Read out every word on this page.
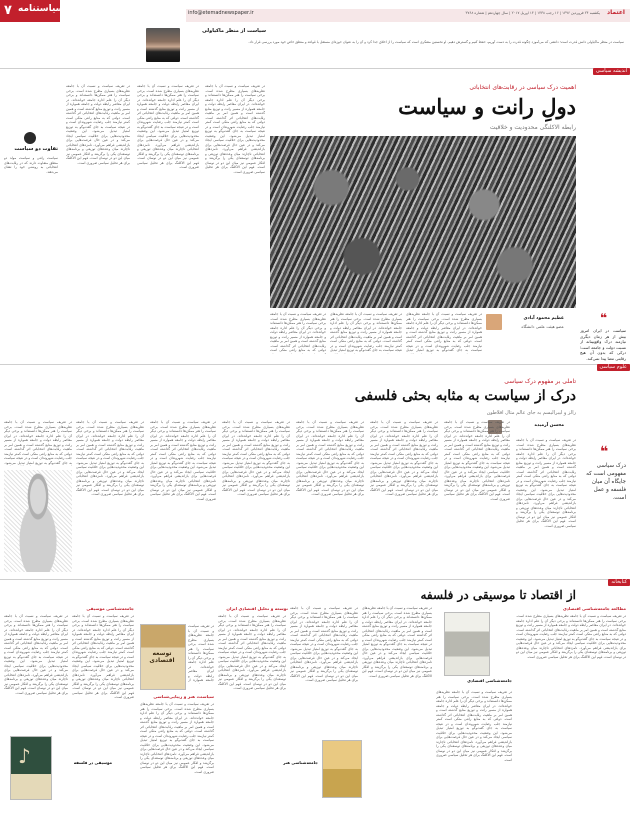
۷ سیاستنامه	info@etemadnewspaper.ir	یکشنبه ۲۴ فروردین ۱۳۹۶ | ۱۶ رجب ۱۴۳۸ | ۱۴ آوریل ۲۰۱۷ | سال چهاردهم | شماره ۳۷۶۸	اعتماد
سیاست از منظر ماکیاولی
سیاست در منظر ماکیاولی دانش قدرت است؛ دانشی که می‌آموزد چگونه قدرت را به دست آوریم، حفظ کنیم و گسترش دهیم. او نخستین متفکری است که سیاست را از اخلاق جدا کرد و آن را به عنوان حوزه‌ای مستقل با قواعد و منطق خاص خود مورد بررسی قرار داد.
اندیشه سیاسی
اهمیت درک سیاسی در رقابت‌های انتخاباتی
دولِ رانت و سیاست
رابطه الاکلنگی محدودیت و خلاقیت
در تعریف سیاست و نسبت آن با جامعه نظریه‌های بسیاری مطرح شده است. برخی سیاست را هنر ممکن‌ها دانسته‌اند و برخی دیگر آن را علم اداره جامعه خوانده‌اند. در ایران معاصر رابطه دولت و جامعه همواره از مسیر رانت و توزیع منابع گذشته است و همین امر بر ماهیت رقابت‌های انتخاباتی اثر گذاشته است. دولتی که به منابع رانتی متکی است کمتر نیازمند جلب رضایت شهروندان است و در نتیجه سیاست به جای گفت‌وگو به توزیع امتیاز تبدیل می‌شود. این وضعیت محدودیت‌هایی برای خلاقیت سیاسی ایجاد می‌کند و در عین حال فرصت‌هایی برای بازاندیشی فراهم می‌آورد. نامزدهای انتخاباتی ناچارند میان وعده‌های توزیعی و برنامه‌های توسعه‌ای یکی را برگزینند و افکار عمومی نیز میان این دو در نوسان است. فهم این الاکلنگ برای هر تحلیل سیاسی ضروری است.
در تعریف سیاست و نسبت آن با جامعه نظریه‌های بسیاری مطرح شده است. برخی سیاست را هنر ممکن‌ها دانسته‌اند و برخی دیگر آن را علم اداره جامعه خوانده‌اند. در ایران معاصر رابطه دولت و جامعه همواره از مسیر رانت و توزیع منابع گذشته است و همین امر بر ماهیت رقابت‌های انتخاباتی اثر گذاشته است. دولتی که به منابع رانتی متکی است کمتر نیازمند جلب رضایت شهروندان است و در نتیجه سیاست به جای گفت‌وگو به توزیع امتیاز تبدیل می‌شود. این وضعیت محدودیت‌هایی برای خلاقیت سیاسی ایجاد می‌کند و در عین حال فرصت‌هایی برای بازاندیشی فراهم می‌آورد. نامزدهای انتخاباتی ناچارند میان وعده‌های توزیعی و برنامه‌های توسعه‌ای یکی را برگزینند و افکار عمومی نیز میان این دو در نوسان است. فهم این الاکلنگ برای هر تحلیل سیاسی ضروری است.
در تعریف سیاست و نسبت آن با جامعه نظریه‌های بسیاری مطرح شده است. برخی سیاست را هنر ممکن‌ها دانسته‌اند و برخی دیگر آن را علم اداره جامعه خوانده‌اند. در ایران معاصر رابطه دولت و جامعه همواره از مسیر رانت و توزیع منابع گذشته است و همین امر بر ماهیت رقابت‌های انتخاباتی اثر گذاشته است. دولتی که به منابع رانتی متکی است کمتر نیازمند جلب رضایت شهروندان است و در نتیجه سیاست به جای گفت‌وگو به توزیع امتیاز تبدیل می‌شود. این وضعیت محدودیت‌هایی برای خلاقیت سیاسی ایجاد می‌کند و در عین حال فرصت‌هایی برای بازاندیشی فراهم می‌آورد. نامزدهای انتخاباتی ناچارند میان وعده‌های توزیعی و برنامه‌های توسعه‌ای یکی را برگزینند و افکار عمومی نیز میان این دو در نوسان است. فهم این الاکلنگ برای هر تحلیل سیاسی ضروری است.
تفاوت دو سیاست
سیاست رانتی و سیاست مولد دو منطق متفاوت دارند که در رقابت‌های انتخاباتی به روشنی خود را نشان می‌دهند.
عظیم محمود آبادی
عضو هیئت علمی دانشگاه
در تعریف سیاست و نسبت آن با جامعه نظریه‌های بسیاری مطرح شده است. برخی سیاست را هنر ممکن‌ها دانسته‌اند و برخی دیگر آن را علم اداره جامعه خوانده‌اند. در ایران معاصر رابطه دولت و جامعه همواره از مسیر رانت و توزیع منابع گذشته است و همین امر بر ماهیت رقابت‌های انتخاباتی اثر گذاشته است. دولتی که به منابع رانتی متکی است کمتر نیازمند جلب رضایت شهروندان است و در نتیجه سیاست به جای گفت‌وگو به توزیع امتیاز تبدیل
در تعریف سیاست و نسبت آن با جامعه نظریه‌های بسیاری مطرح شده است. برخی سیاست را هنر ممکن‌ها دانسته‌اند و برخی دیگر آن را علم اداره جامعه خوانده‌اند. در ایران معاصر رابطه دولت و جامعه همواره از مسیر رانت و توزیع منابع گذشته است و همین امر بر ماهیت رقابت‌های انتخاباتی اثر گذاشته است. دولتی که به منابع رانتی متکی است کمتر نیازمند جلب رضایت شهروندان است و در نتیجه سیاست به جای گفت‌وگو به توزیع امتیاز تبدیل
در تعریف سیاست و نسبت آن با جامعه نظریه‌های بسیاری مطرح شده است. برخی سیاست را هنر ممکن‌ها دانسته‌اند و برخی دیگر آن را علم اداره جامعه خوانده‌اند. در ایران معاصر رابطه دولت و جامعه همواره از مسیر رانت و توزیع منابع گذشته است و همین امر بر ماهیت رقابت‌های انتخاباتی اثر گذاشته است. دولتی که به منابع رانتی متکی است
❝
سیاست در ایران امروز بیش از هر زمان دیگری نیازمند درک واقع‌بینانه از نسبت دولت و جامعه است؛ درکی که بدون آن هیچ رقابتی معنا پیدا نمی‌کند.
علوم سیاسی
تاملی بر مفهوم درک سیاسی
درک از سیاست به مثابه بحثی فلسفی
رالز و لیبرالیسم به جای عالم مثال افلاطون
محسن آرمیده
❝
درک سیاسی مفهومی است که جایگاه آن میان فلسفه و عمل است.
در تعریف سیاست و نسبت آن با جامعه نظریه‌های بسیاری مطرح شده است. برخی سیاست را هنر ممکن‌ها دانسته‌اند و برخی دیگر آن را علم اداره جامعه خوانده‌اند. در ایران معاصر رابطه دولت و جامعه همواره از مسیر رانت و توزیع منابع گذشته است و همین امر بر ماهیت رقابت‌های انتخاباتی اثر گذاشته است. دولتی که به منابع رانتی متکی است کمتر نیازمند جلب رضایت شهروندان است و در نتیجه سیاست به جای گفت‌وگو به توزیع امتیاز تبدیل می‌شود. این وضعیت محدودیت‌هایی برای خلاقیت سیاسی ایجاد می‌کند و در عین حال فرصت‌هایی برای بازاندیشی فراهم می‌آورد. نامزدهای انتخاباتی ناچارند میان وعده‌های توزیعی و برنامه‌های توسعه‌ای یکی را برگزینند و افکار عمومی نیز میان این دو در نوسان است. فهم این الاکلنگ برای هر تحلیل سیاسی ضروری است.
در تعریف سیاست و نسبت آن با جامعه نظریه‌های بسیاری مطرح شده است. برخی سیاست را هنر ممکن‌ها دانسته‌اند و برخی دیگر آن را علم اداره جامعه خوانده‌اند. در ایران معاصر رابطه دولت و جامعه همواره از مسیر رانت و توزیع منابع گذشته است و همین امر بر ماهیت رقابت‌های انتخاباتی اثر گذاشته است. دولتی که به منابع رانتی متکی است کمتر نیازمند جلب رضایت شهروندان است و در نتیجه سیاست به جای گفت‌وگو به توزیع امتیاز تبدیل می‌شود. این وضعیت محدودیت‌هایی برای خلاقیت سیاسی ایجاد می‌کند و در عین حال فرصت‌هایی برای بازاندیشی فراهم می‌آورد. نامزدهای انتخاباتی ناچارند میان وعده‌های توزیعی و برنامه‌های توسعه‌ای یکی را برگزینند و افکار عمومی نیز میان این دو در نوسان است. فهم این الاکلنگ برای هر تحلیل سیاسی ضروری است.
در تعریف سیاست و نسبت آن با جامعه نظریه‌های بسیاری مطرح شده است. برخی سیاست را هنر ممکن‌ها دانسته‌اند و برخی دیگر آن را علم اداره جامعه خوانده‌اند. در ایران معاصر رابطه دولت و جامعه همواره از مسیر رانت و توزیع منابع گذشته است و همین امر بر ماهیت رقابت‌های انتخاباتی اثر گذاشته است. دولتی که به منابع رانتی متکی است کمتر نیازمند جلب رضایت شهروندان است و در نتیجه سیاست به جای گفت‌وگو به توزیع امتیاز تبدیل می‌شود. این وضعیت محدودیت‌هایی برای خلاقیت سیاسی ایجاد می‌کند و در عین حال فرصت‌هایی برای بازاندیشی فراهم می‌آورد. نامزدهای انتخاباتی ناچارند میان وعده‌های توزیعی و برنامه‌های توسعه‌ای یکی را برگزینند و افکار عمومی نیز میان این دو در نوسان است. فهم این الاکلنگ برای هر تحلیل سیاسی ضروری است.
در تعریف سیاست و نسبت آن با جامعه نظریه‌های بسیاری مطرح شده است. برخی سیاست را هنر ممکن‌ها دانسته‌اند و برخی دیگر آن را علم اداره جامعه خوانده‌اند. در ایران معاصر رابطه دولت و جامعه همواره از مسیر رانت و توزیع منابع گذشته است و همین امر بر ماهیت رقابت‌های انتخاباتی اثر گذاشته است. دولتی که به منابع رانتی متکی است کمتر نیازمند جلب رضایت شهروندان است و در نتیجه سیاست به جای گفت‌وگو به توزیع امتیاز تبدیل می‌شود. این وضعیت محدودیت‌هایی برای خلاقیت سیاسی ایجاد می‌کند و در عین حال فرصت‌هایی برای بازاندیشی فراهم می‌آورد. نامزدهای انتخاباتی ناچارند میان وعده‌های توزیعی و برنامه‌های توسعه‌ای یکی را برگزینند و افکار عمومی نیز میان این دو در نوسان است. فهم این الاکلنگ برای هر تحلیل سیاسی ضروری است.
در تعریف سیاست و نسبت آن با جامعه نظریه‌های بسیاری مطرح شده است. برخی سیاست را هنر ممکن‌ها دانسته‌اند و برخی دیگر آن را علم اداره جامعه خوانده‌اند. در ایران معاصر رابطه دولت و جامعه همواره از مسیر رانت و توزیع منابع گذشته است و همین امر بر ماهیت رقابت‌های انتخاباتی اثر گذاشته است. دولتی که به منابع رانتی متکی است کمتر نیازمند جلب رضایت شهروندان است و در نتیجه سیاست به جای گفت‌وگو به توزیع امتیاز تبدیل می‌شود. این وضعیت محدودیت‌هایی برای خلاقیت سیاسی ایجاد می‌کند و در عین حال فرصت‌هایی برای بازاندیشی فراهم می‌آورد. نامزدهای انتخاباتی ناچارند میان وعده‌های توزیعی و برنامه‌های توسعه‌ای یکی را برگزینند و افکار عمومی نیز میان این دو در نوسان است. فهم این الاکلنگ برای هر تحلیل سیاسی ضروری است.
در تعریف سیاست و نسبت آن با جامعه نظریه‌های بسیاری مطرح شده است. برخی سیاست را هنر ممکن‌ها دانسته‌اند و برخی دیگر آن را علم اداره جامعه خوانده‌اند. در ایران معاصر رابطه دولت و جامعه همواره از مسیر رانت و توزیع منابع گذشته است و همین امر بر ماهیت رقابت‌های انتخاباتی اثر گذاشته است. دولتی که به منابع رانتی متکی است کمتر نیازمند جلب رضایت شهروندان است و در نتیجه سیاست به جای گفت‌وگو به توزیع امتیاز تبدیل می‌شود. این وضعیت محدودیت‌هایی برای خلاقیت سیاسی ایجاد می‌کند و در عین حال فرصت‌هایی برای بازاندیشی فراهم می‌آورد. نامزدهای انتخاباتی ناچارند میان وعده‌های توزیعی و برنامه‌های توسعه‌ای یکی را برگزینند و افکار عمومی نیز میان این دو در نوسان است. فهم این الاکلنگ برای هر تحلیل سیاسی ضروری است.
در تعریف سیاست و نسبت آن با جامعه نظریه‌های بسیاری مطرح شده است. برخی سیاست را هنر ممکن‌ها دانسته‌اند و برخی دیگر آن را علم اداره جامعه خوانده‌اند. در ایران معاصر رابطه دولت و جامعه همواره از مسیر رانت و توزیع منابع گذشته است و همین امر بر ماهیت رقابت‌های انتخاباتی اثر گذاشته است. دولتی که به منابع رانتی متکی است کمتر نیازمند جلب رضایت شهروندان است و در نتیجه سیاست به جای گفت‌وگو به توزیع امتیاز تبدیل می‌شود. این وضعیت محدودیت‌هایی برای خلاقیت سیاسی ایجاد می‌کند و در عین حال فرصت‌هایی برای بازاندیشی فراهم می‌آورد. نامزدهای انتخاباتی ناچارند میان وعده‌های توزیعی و برنامه‌های توسعه‌ای یکی را برگزینند و افکار عمومی نیز میان این دو در نوسان است. فهم این الاکلنگ برای هر تحلیل سیاسی ضروری است.
در تعریف سیاست و نسبت آن با جامعه نظریه‌های بسیاری مطرح شده است. برخی سیاست را هنر ممکن‌ها دانسته‌اند و برخی دیگر آن را علم اداره جامعه خوانده‌اند. در ایران معاصر رابطه دولت و جامعه همواره از مسیر رانت و توزیع منابع گذشته است و همین امر بر ماهیت رقابت‌های انتخاباتی اثر گذاشته است. دولتی که به منابع رانتی متکی است کمتر نیازمند جلب رضایت شهروندان است و در نتیجه سیاست به جای گفت‌وگو به توزیع امتیاز تبدیل می‌شود.
کتابخانه
از اقتصاد تا موسیقی در فلسفه
مطالعه جامعه‌شناسی اقتصادی
در تعریف سیاست و نسبت آن با جامعه نظریه‌های بسیاری مطرح شده است. برخی سیاست را هنر ممکن‌ها دانسته‌اند و برخی دیگر آن را علم اداره جامعه خوانده‌اند. در ایران معاصر رابطه دولت و جامعه همواره از مسیر رانت و توزیع منابع گذشته است و همین امر بر ماهیت رقابت‌های انتخاباتی اثر گذاشته است. دولتی که به منابع رانتی متکی است کمتر نیازمند جلب رضایت شهروندان است و در نتیجه سیاست به جای گفت‌وگو به توزیع امتیاز تبدیل می‌شود. این وضعیت محدودیت‌هایی برای خلاقیت سیاسی ایجاد می‌کند و در عین حال فرصت‌هایی برای بازاندیشی فراهم می‌آورد. نامزدهای انتخاباتی ناچارند میان وعده‌های توزیعی و برنامه‌های توسعه‌ای یکی را برگزینند و افکار عمومی نیز میان این دو در نوسان است. فهم این الاکلنگ برای هر تحلیل سیاسی ضروری است.
جامعه‌شناسی اقتصادی
در تعریف سیاست و نسبت آن با جامعه نظریه‌های بسیاری مطرح شده است. برخی سیاست را هنر ممکن‌ها دانسته‌اند و برخی دیگر آن را علم اداره جامعه خوانده‌اند. در ایران معاصر رابطه دولت و جامعه همواره از مسیر رانت و توزیع منابع گذشته است و همین امر بر ماهیت رقابت‌های انتخاباتی اثر گذاشته است. دولتی که به منابع رانتی متکی است کمتر نیازمند جلب رضایت شهروندان است و در نتیجه سیاست به جای گفت‌وگو به توزیع امتیاز تبدیل می‌شود. این وضعیت محدودیت‌هایی برای خلاقیت سیاسی ایجاد می‌کند و در عین حال فرصت‌هایی برای بازاندیشی فراهم می‌آورد. نامزدهای انتخاباتی ناچارند میان وعده‌های توزیعی و برنامه‌های توسعه‌ای یکی را برگزینند و افکار عمومی نیز میان این دو در نوسان است. فهم این الاکلنگ برای هر تحلیل سیاسی ضروری است.
در تعریف سیاست و نسبت آن با جامعه نظریه‌های بسیاری مطرح شده است. برخی سیاست را هنر ممکن‌ها دانسته‌اند و برخی دیگر آن را علم اداره جامعه خوانده‌اند. در ایران معاصر رابطه دولت و جامعه همواره از مسیر رانت و توزیع منابع گذشته است و همین امر بر ماهیت رقابت‌های انتخاباتی اثر گذاشته است. دولتی که به منابع رانتی متکی است کمتر نیازمند جلب رضایت شهروندان است و در نتیجه سیاست به جای گفت‌وگو به توزیع امتیاز تبدیل می‌شود. این وضعیت محدودیت‌هایی برای خلاقیت سیاسی ایجاد می‌کند و در عین حال فرصت‌هایی برای بازاندیشی فراهم می‌آورد. نامزدهای انتخاباتی ناچارند میان وعده‌های توزیعی و برنامه‌های توسعه‌ای یکی را برگزینند و افکار عمومی نیز میان این دو در نوسان است. فهم این الاکلنگ برای هر تحلیل سیاسی ضروری است.
توسعه و تحلیل اقتصادی ایران
توسعه اقتصادی
در تعریف سیاست و نسبت آن با جامعه نظریه‌های بسیاری مطرح شده است. برخی سیاست را هنر ممکن‌ها دانسته‌اند و برخی دیگر آن را علم اداره جامعه خوانده‌اند. در ایران معاصر رابطه دولت و جامعه همواره از مسیر رانت و توزیع منابع گذشته است و همین امر بر ماهیت رقابت‌های انتخاباتی اثر گذاشته است. دولتی که به منابع رانتی متکی است کمتر نیازمند جلب رضایت شهروندان است و در نتیجه سیاست به جای گفت‌وگو به توزیع امتیاز تبدیل می‌شود. این وضعیت محدودیت‌هایی برای خلاقیت سیاسی ایجاد می‌کند و در عین حال فرصت‌هایی برای بازاندیشی فراهم می‌آورد. نامزدهای انتخاباتی ناچارند میان وعده‌های توزیعی و برنامه‌های توسعه‌ای یکی را برگزینند و افکار عمومی نیز میان این دو در نوسان است. فهم این الاکلنگ برای هر تحلیل سیاسی ضروری است.
در تعریف سیاست و نسبت آن با جامعه نظریه‌های بسیاری مطرح شده است. برخی سیاست را هنر ممکن‌ها دانسته‌اند و برخی دیگر آن را علم اداره جامعه خوانده‌اند. در ایران معاصر رابطه دولت و جامعه همواره از مسیر رانت و توزیع منابع گذشته است و همین امر بر ماهیت رقابت‌های انتخاباتی اثر گذاشته است. دولتی که به منابع رانتی متکی است کمتر نیازمند جلب رضایت شهروندان است و در نتیجه سیاست به جای گفت‌وگو به توزیع امتیاز تبدیل می‌شود. این وضعیت محدودیت‌هایی برای خلاقیت سیاسی ایجاد می‌کند و در عین حال فرصت‌هایی برای بازاندیشی فراهم می‌آورد. نامزدهای انتخاباتی ناچارند میان وعده‌های توزیعی و برنامه‌های توسعه‌ای یکی را برگزینند و افکار عمومی نیز میان این دو در نوسان است. فهم این الاکلنگ برای هر تحلیل سیاسی ضروری است.
در تعریف سیاست و نسبت آن با جامعه نظریه‌های بسیاری مطرح شده است. برخی سیاست را هنر ممکن‌ها دانسته‌اند و برخی دیگر آن را علم اداره جامعه خوانده‌اند. در ایران معاصر رابطه دولت و جامعه همواره از
سیاست، هنر و زیبایی‌شناسی
در تعریف سیاست و نسبت آن با جامعه نظریه‌های بسیاری مطرح شده است. برخی سیاست را هنر ممکن‌ها دانسته‌اند و برخی دیگر آن را علم اداره جامعه خوانده‌اند. در ایران معاصر رابطه دولت و جامعه همواره از مسیر رانت و توزیع منابع گذشته است و همین امر بر ماهیت رقابت‌های انتخاباتی اثر گذاشته است. دولتی که به منابع رانتی متکی است کمتر نیازمند جلب رضایت شهروندان است و در نتیجه سیاست به جای گفت‌وگو به توزیع امتیاز تبدیل می‌شود. این وضعیت محدودیت‌هایی برای خلاقیت سیاسی ایجاد می‌کند و در عین حال فرصت‌هایی برای بازاندیشی فراهم می‌آورد. نامزدهای انتخاباتی ناچارند میان وعده‌های توزیعی و برنامه‌های توسعه‌ای یکی را برگزینند و افکار عمومی نیز میان این دو در نوسان است. فهم این الاکلنگ برای هر تحلیل سیاسی ضروری است.
جامعه‌شناسی هنر
جامعه‌شناسی موسیقی
در تعریف سیاست و نسبت آن با جامعه نظریه‌های بسیاری مطرح شده است. برخی سیاست را هنر ممکن‌ها دانسته‌اند و برخی دیگر آن را علم اداره جامعه خوانده‌اند. در ایران معاصر رابطه دولت و جامعه همواره از مسیر رانت و توزیع منابع گذشته است و همین امر بر ماهیت رقابت‌های انتخاباتی اثر گذاشته است. دولتی که به منابع رانتی متکی است کمتر نیازمند جلب رضایت شهروندان است و در نتیجه سیاست به جای گفت‌وگو به توزیع امتیاز تبدیل می‌شود. این وضعیت محدودیت‌هایی برای خلاقیت سیاسی ایجاد می‌کند و در عین حال فرصت‌هایی برای بازاندیشی فراهم می‌آورد. نامزدهای انتخاباتی ناچارند میان وعده‌های توزیعی و برنامه‌های توسعه‌ای یکی را برگزینند و افکار عمومی نیز میان این دو در نوسان است. فهم این الاکلنگ برای هر تحلیل سیاسی ضروری است.
در تعریف سیاست و نسبت آن با جامعه نظریه‌های بسیاری مطرح شده است. برخی سیاست را هنر ممکن‌ها دانسته‌اند و برخی دیگر آن را علم اداره جامعه خوانده‌اند. در ایران معاصر رابطه دولت و جامعه همواره از مسیر رانت و توزیع منابع گذشته است و همین امر بر ماهیت رقابت‌های انتخاباتی اثر گذاشته است. دولتی که به منابع رانتی متکی است کمتر نیازمند جلب رضایت شهروندان است و در نتیجه سیاست به جای گفت‌وگو به توزیع امتیاز تبدیل می‌شود. این وضعیت محدودیت‌هایی برای خلاقیت سیاسی ایجاد می‌کند و در عین حال فرصت‌هایی برای بازاندیشی فراهم می‌آورد. نامزدهای انتخاباتی ناچارند میان وعده‌های توزیعی و برنامه‌های توسعه‌ای یکی را برگزینند و افکار عمومی نیز میان این دو در نوسان است. فهم این الاکلنگ برای هر تحلیل سیاسی ضروری است.
♪	موسیقی در فلسفه
